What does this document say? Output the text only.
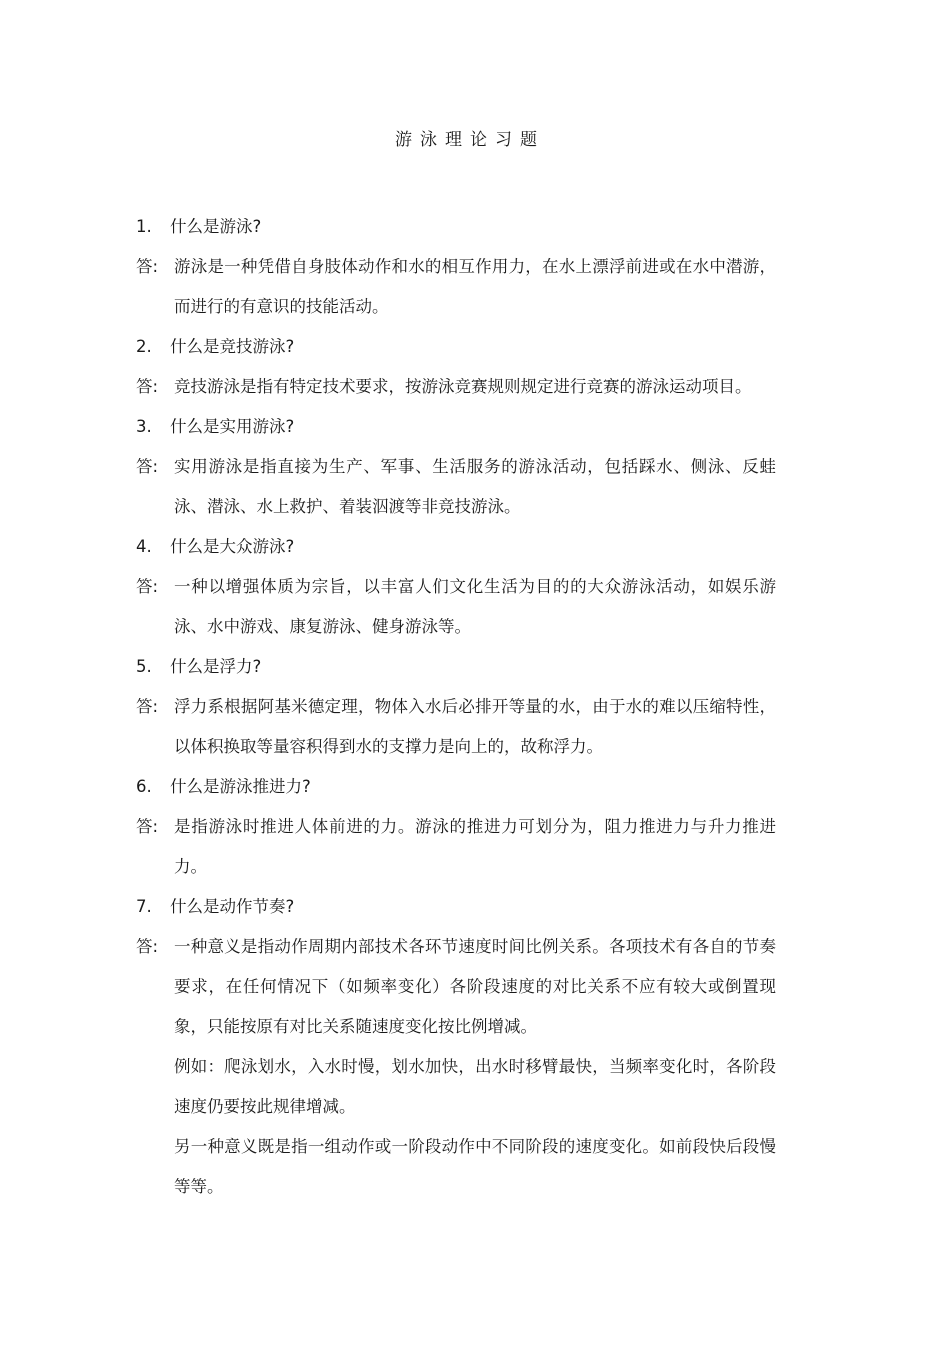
游泳理论习题
1.	什么是游泳?
答: 游泳是一种凭借自身肢体动作和水的相互作用力，在水上漂浮前进或在水中潜游，而进行的有意识的技能活动。

2.	什么是竞技游泳?
答: 竞技游泳是指有特定技术要求，按游泳竞赛规则规定进行竞赛的游泳运动项目。

3.	什么是实用游泳?
答: 实用游泳是指直接为生产、军事、生活服务的游泳活动，包括踩水、侧泳、反蛙泳、潜泳、水上救护、着装泅渡等非竞技游泳。

4.	什么是大众游泳?
答: 一种以增强体质为宗旨，以丰富人们文化生活为目的的大众游泳活动，如娱乐游泳、水中游戏、康复游泳、健身游泳等。

5.	什么是浮力?
答: 浮力系根据阿基米德定理，物体入水后必排开等量的水，由于水的难以压缩特性，以体积换取等量容积得到水的支撑力是向上的，故称浮力。

6.	什么是游泳推进力?
答: 是指游泳时推进人体前进的力。游泳的推进力可划分为，阻力推进力与升力推进力。

7.	什么是动作节奏?
答: 一种意义是指动作周期内部技术各环节速度时间比例关系。各项技术有各自的节奏要求，在任何情况下（如频率变化）各阶段速度的对比关系不应有较大或倒置现象，只能按原有对比关系随速度变化按比例增减。

例如：爬泳划水，入水时慢，划水加快，出水时移臂最快，当频率变化时，各阶段速度仍要按此规律增减。

另一种意义既是指一组动作或一阶段动作中不同阶段的速度变化。如前段快后段慢等等。
